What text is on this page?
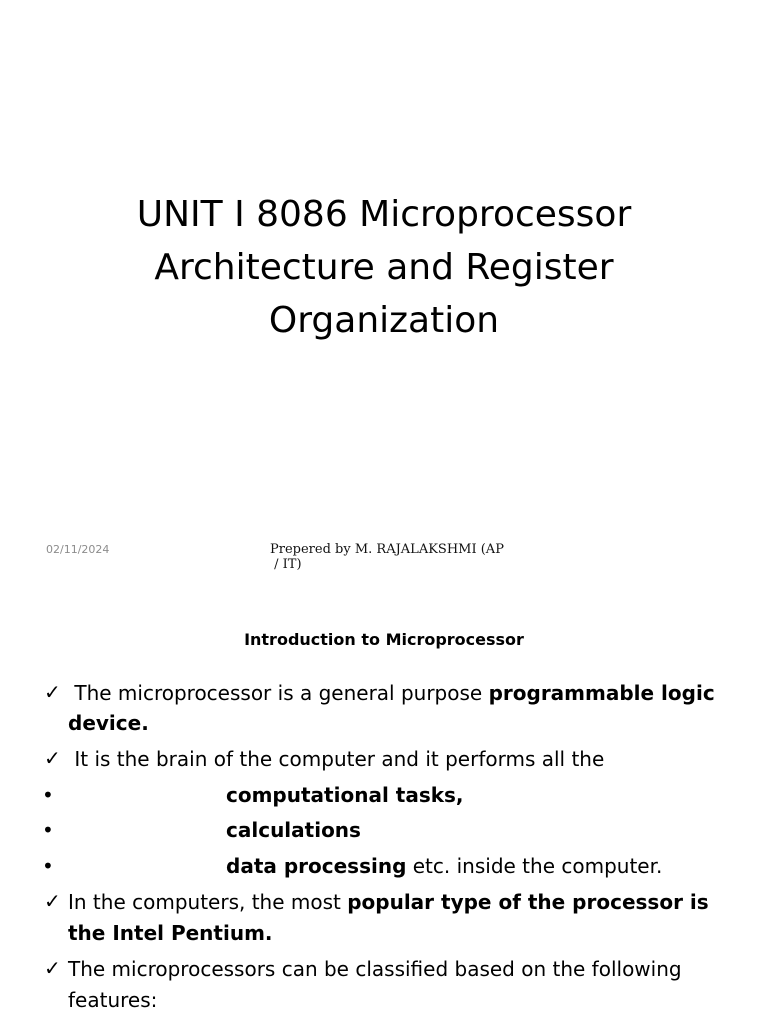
UNIT I 8086 Microprocessor
Architecture and Register
Organization
02/11/2024	Prepered by M. RAJALAKSHMI (AP
/ IT)
Introduction to Microprocessor
✓ The microprocessor is a general purpose programmable logic
device.
✓ It is the brain of the computer and it performs all the
•	computational tasks,
•	calculations
•	data processing etc. inside the computer.
✓ In the computers, the most popular type of the processor is
the Intel Pentium.
✓ The microprocessors can be classified based on the following
features:
